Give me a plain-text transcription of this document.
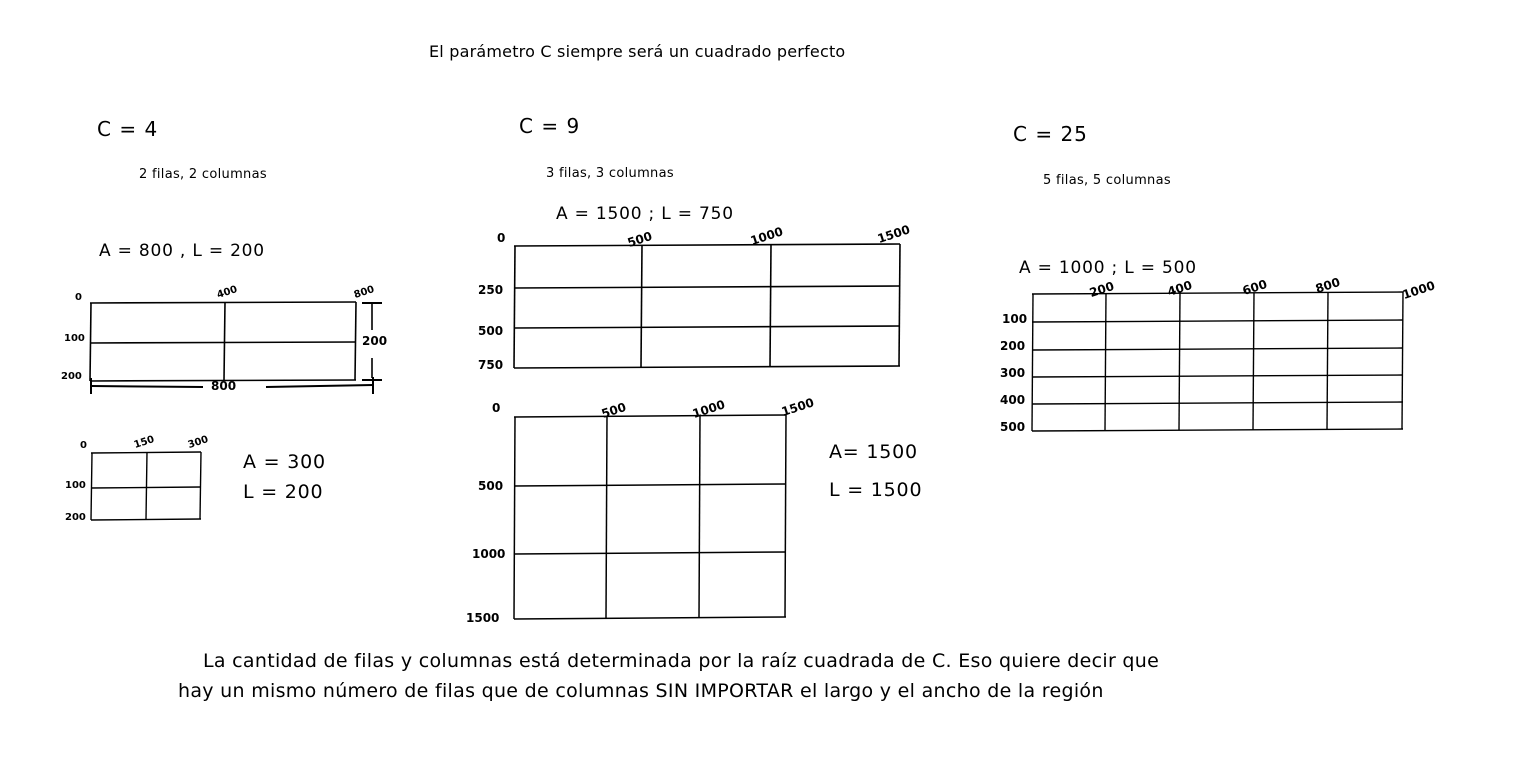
El parámetro C siempre será un cuadrado perfecto
C = 4
2 filas, 2 columnas
A = 800 , L = 200
0	400	800
100
200
200
800
0	150	300
100
200
A = 300
L = 200
C = 9
3 filas, 3 columnas
A = 1500 ; L = 750
0	500	1000	1500
250
500
750
0	500	1000	1500
500
1000
1500
A= 1500
L = 1500
C = 25
5 filas, 5 columnas
A = 1000 ; L = 500
200	400	600	800	1000
100
200
300
400
500
La cantidad de filas y columnas está determinada por la raíz cuadrada de C. Eso quiere decir que
hay un mismo número de filas que de columnas SIN IMPORTAR el largo y el ancho de la región
